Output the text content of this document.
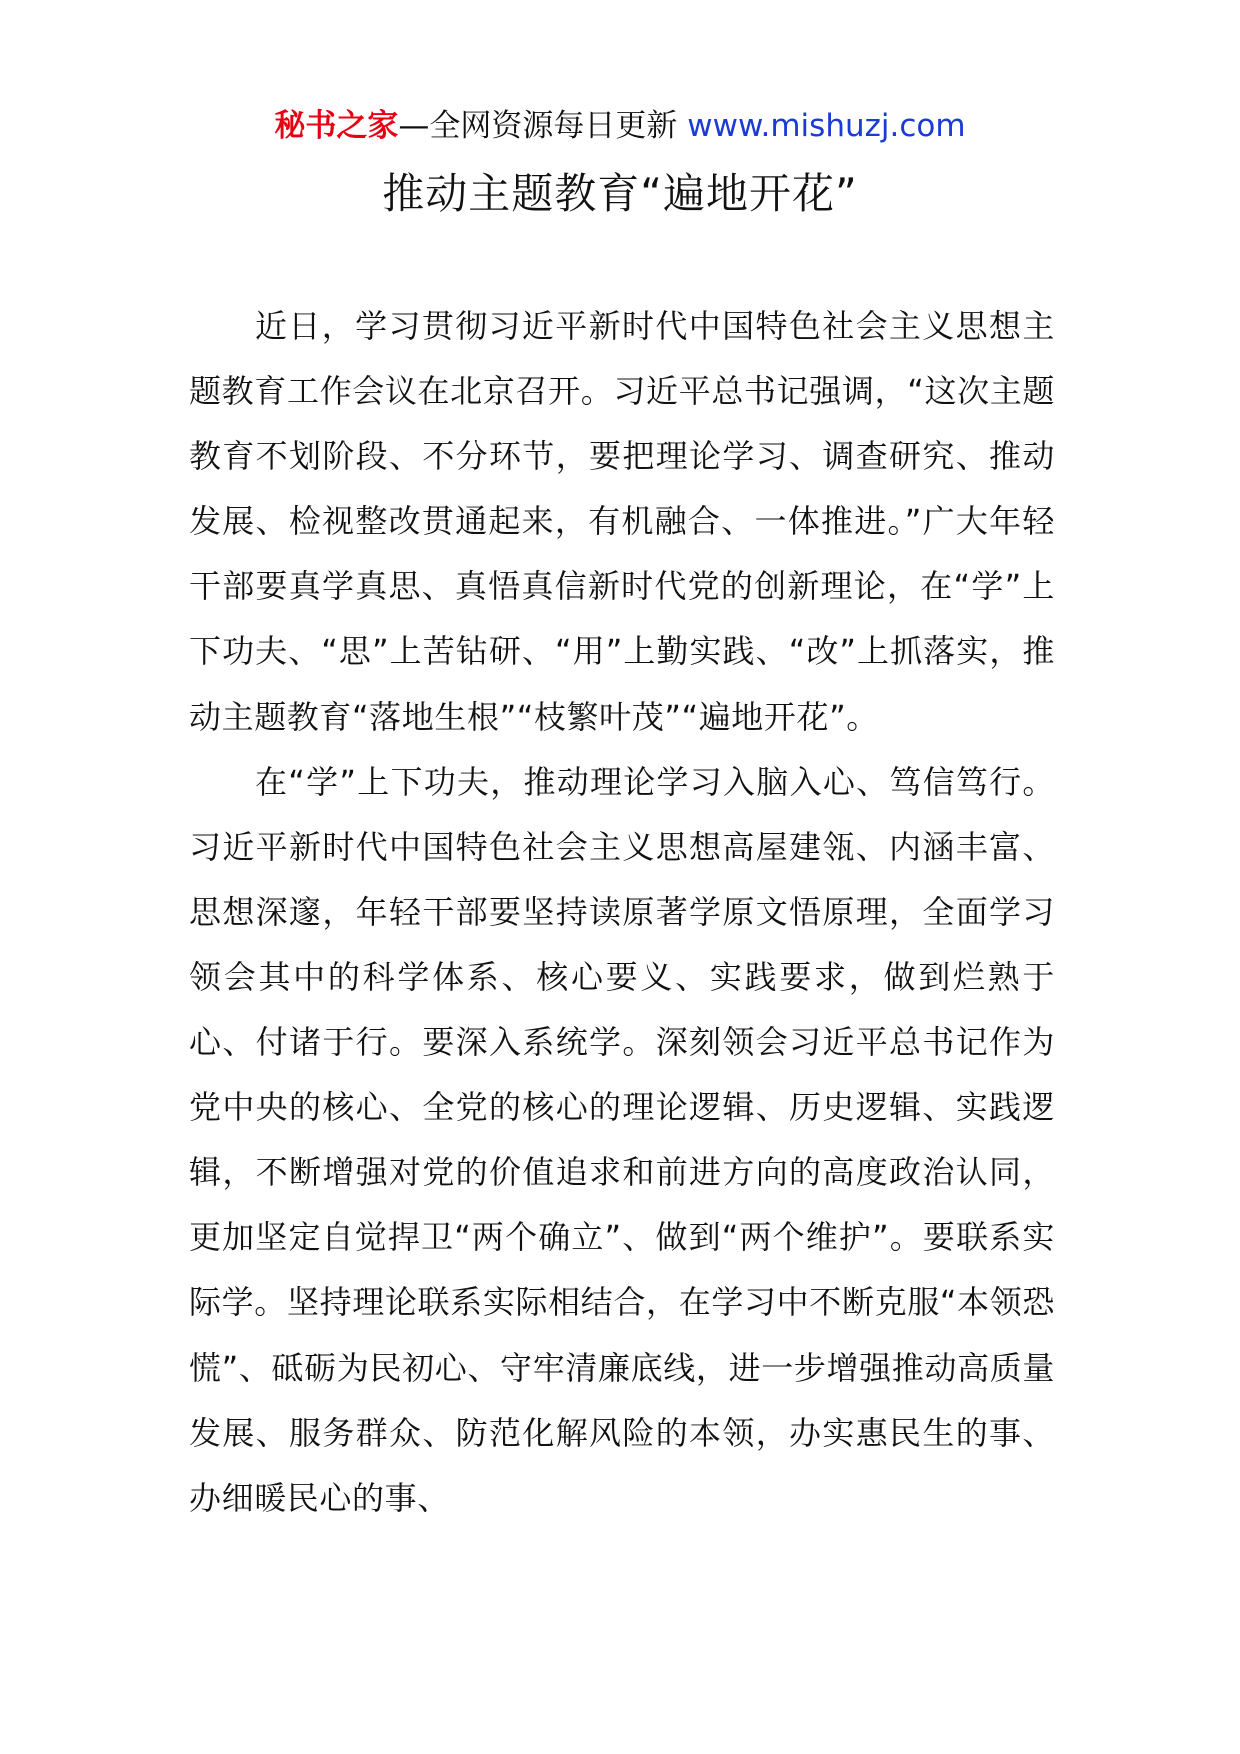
秘书之家—全网资源每日更新 www.mishuzj.com
推动主题教育“遍地开花”

近日，学习贯彻习近平新时代中国特色社会主义思想主题教育工作会议在北京召开。习近平总书记强调，“这次主题教育不划阶段、不分环节，要把理论学习、调查研究、推动发展、检视整改贯通起来，有机融合、一体推进。”广大年轻干部要真学真思、真悟真信新时代党的创新理论，在“学”上下功夫、“思”上苦钻研、“用”上勤实践、“改”上抓落实，推动主题教育“落地生根”“枝繁叶茂”“遍地开花”。

在“学”上下功夫，推动理论学习入脑入心、笃信笃行。习近平新时代中国特色社会主义思想高屋建瓴、内涵丰富、思想深邃，年轻干部要坚持读原著学原文悟原理，全面学习领会其中的科学体系、核心要义、实践要求，做到烂熟于心、付诸于行。要深入系统学。深刻领会习近平总书记作为党中央的核心、全党的核心的理论逻辑、历史逻辑、实践逻辑，不断增强对党的价值追求和前进方向的高度政治认同，更加坚定自觉捍卫“两个确立”、做到“两个维护”。要联系实际学。坚持理论联系实际相结合，在学习中不断克服“本领恐慌”、砥砺为民初心、守牢清廉底线，进一步增强推动高质量发展、服务群众、防范化解风险的本领，办实惠民生的事、办细暖民心的事、
